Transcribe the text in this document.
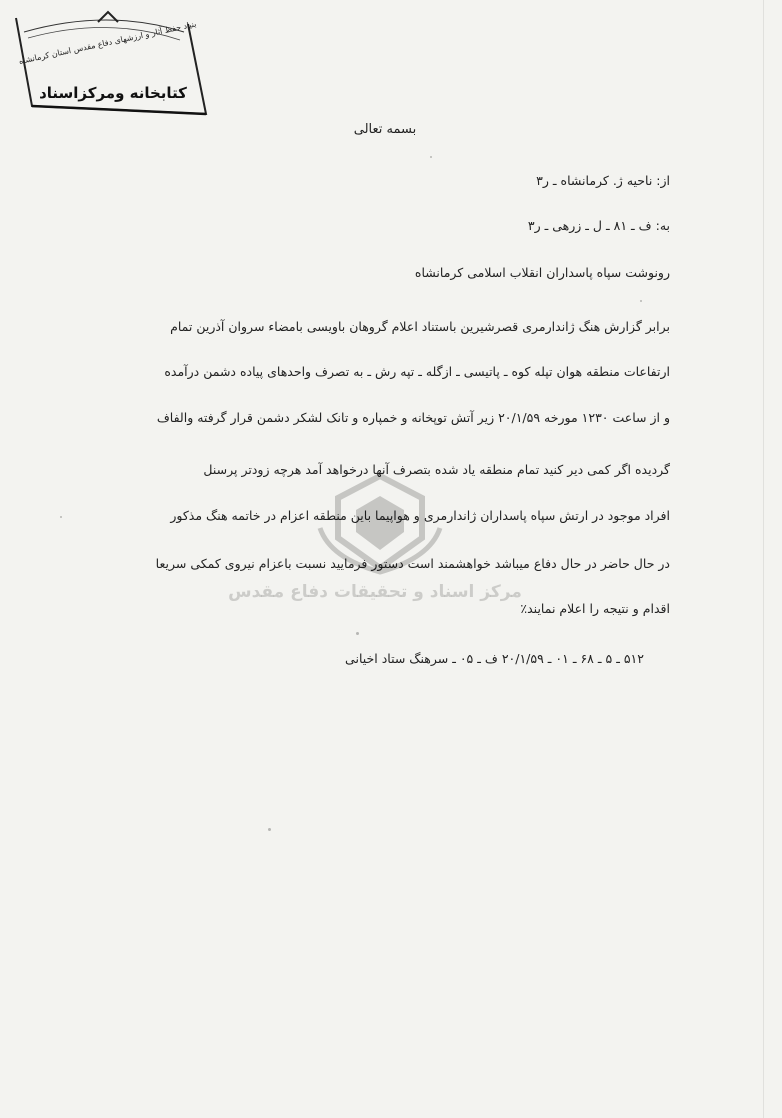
بنیاد حفظ آثار و ارزشهای دفاع مقدس استان کرمانشاه
کتابخانه ومرکزاسناد
بسمه تعالی
از: ناحیه ژ. کرمانشاه ـ ر۳
به: ف ـ ۸۱ ـ ل ـ زرهی ـ ر۳
رونوشت سپاه پاسداران انقلاب اسلامی کرمانشاه
برابر گزارش هنگ ژاندارمری قصرشیرین باستناد اعلام گروهان باویسی بامضاء سروان آذرین تمام
ارتفاعات منطقه هوان تپله کوه ـ پاتیسی ـ ازگله ـ تپه رش ـ به تصرف واحدهای پیاده دشمن درآمده
و از ساعت ۱۲۳۰ مورخه ۲۰/۱/۵۹ زیر آتش توپخانه و خمپاره و تانک لشکر دشمن قرار گرفته والفاف
گردیده اگر کمی دیر کنید تمام منطقه یاد شده بتصرف آنها درخواهد آمد هرچه زودتر پرسنل
افراد موجود در ارتش سپاه پاسداران ژاندارمری و هواپیما باین منطقه اعزام در خاتمه هنگ مذکور
در حال حاضر در حال دفاع میباشد خواهشمند است دستور فرمایید نسبت باعزام نیروی کمکی سریعا
اقدام و نتیجه را اعلام نمایند٪
۵۱۲ ـ ۵ ـ ۶۸ ـ ۰۱ ـ ۲۰/۱/۵۹ ف ـ ۰۵ ـ سرهنگ ستاد اخیانی
مرکز اسناد و تحقیقات دفاع مقدس
